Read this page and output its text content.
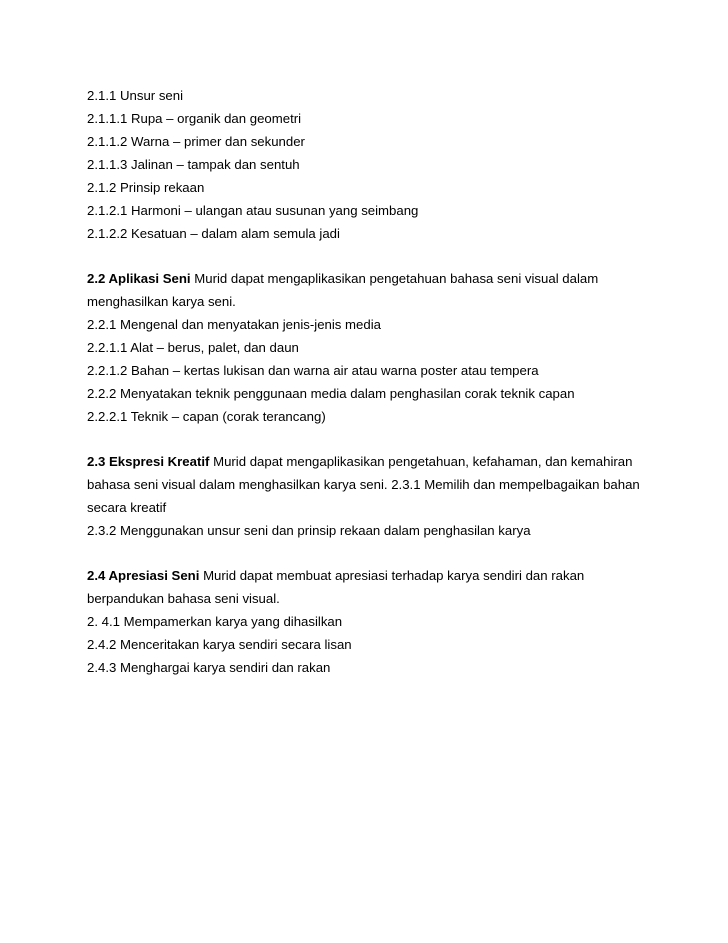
2.1.1 Unsur seni
2.1.1.1 Rupa – organik dan geometri
2.1.1.2 Warna – primer dan sekunder
2.1.1.3 Jalinan – tampak dan sentuh
2.1.2 Prinsip rekaan
2.1.2.1 Harmoni – ulangan atau susunan yang seimbang
2.1.2.2 Kesatuan – dalam alam semula jadi
2.2 Aplikasi Seni Murid dapat mengaplikasikan pengetahuan bahasa seni visual dalam
menghasilkan karya seni.
2.2.1 Mengenal dan menyatakan jenis-jenis media
2.2.1.1 Alat – berus, palet, dan daun
2.2.1.2 Bahan – kertas lukisan dan warna air atau warna poster atau tempera
2.2.2 Menyatakan teknik penggunaan media dalam penghasilan corak teknik capan
2.2.2.1 Teknik – capan (corak terancang)
2.3 Ekspresi Kreatif Murid dapat mengaplikasikan pengetahuan, kefahaman, dan kemahiran
bahasa seni visual dalam menghasilkan karya seni. 2.3.1 Memilih dan mempelbagaikan bahan
secara kreatif
2.3.2 Menggunakan unsur seni dan prinsip rekaan dalam penghasilan karya
2.4 Apresiasi Seni Murid dapat membuat apresiasi terhadap karya sendiri dan rakan
berpandukan bahasa seni visual.
2. 4.1 Mempamerkan karya yang dihasilkan
2.4.2 Menceritakan karya sendiri secara lisan
2.4.3 Menghargai karya sendiri dan rakan
